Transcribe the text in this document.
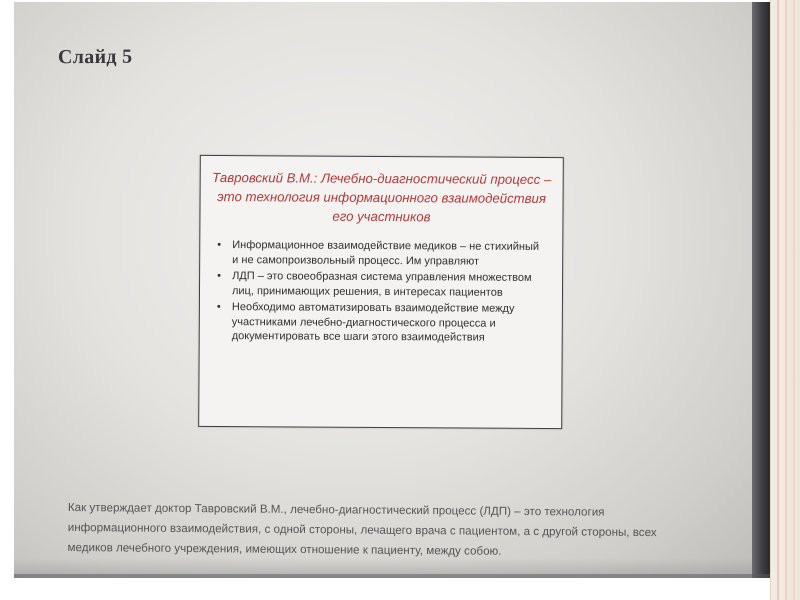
Слайд 5
Тавровский В.М.: Лечебно-диагностический процесс – это технология информационного взаимодействия его участников
• Информационное взаимодействие медиков – не стихийный и не самопроизвольный процесс. Им управляют
• ЛДП – это своеобразная система управления множеством лиц, принимающих решения, в интересах пациентов
• Необходимо автоматизировать взаимодействие между участниками лечебно-диагностического процесса и документировать все шаги этого взаимодействия
Как утверждает доктор Тавровский В.М., лечебно-диагностический процесс (ЛДП) – это технология информационного взаимодействия, с одной стороны, лечащего врача с пациентом, а с другой стороны, всех медиков лечебного учреждения, имеющих отношение к пациенту, между собою.
